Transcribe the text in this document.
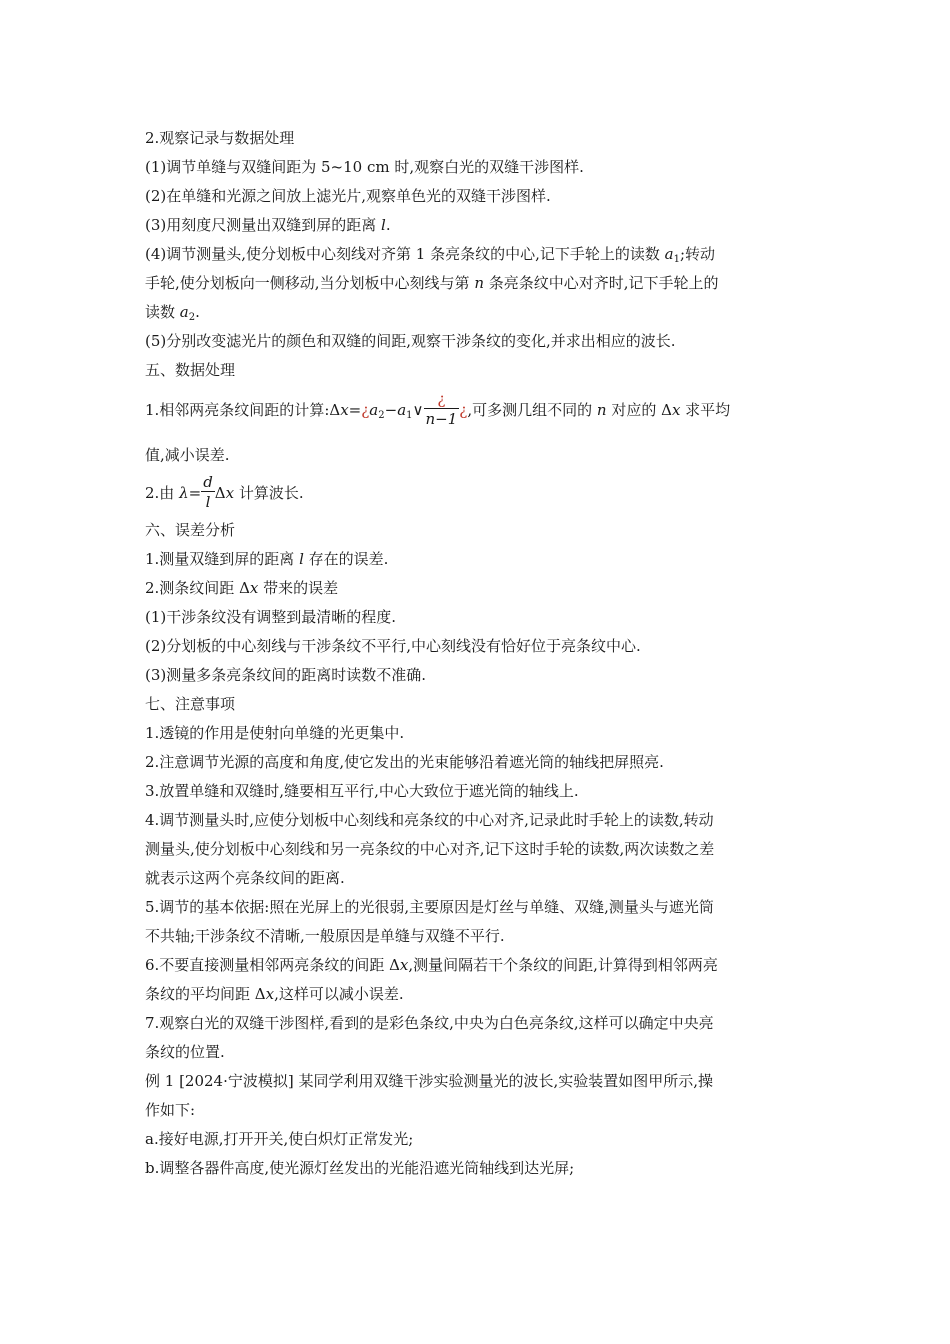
2.观察记录与数据处理
(1)调节单缝与双缝间距为 5~10 cm 时,观察白光的双缝干涉图样.
(2)在单缝和光源之间放上滤光片,观察单色光的双缝干涉图样.
(3)用刻度尺测量出双缝到屏的距离 l.
(4)调节测量头,使分划板中心刻线对齐第 1 条亮条纹的中心,记下手轮上的读数 $a_1$;转动
手轮,使分划板向一侧移动,当分划板中心刻线与第 n 条亮条纹中心对齐时,记下手轮上的
读数 $a_2$.
(5)分别改变滤光片的颜色和双缝的间距,观察干涉条纹的变化,并求出相应的波长.
五、数据处理
1.相邻两亮条纹间距的计算$:\Delta x=¿a_2-a_1\vee \frac{¿}{n-1}$ ¿,可多测几组不同的 n 对应的 Δx 求平均
值,减小误差.
2.由 $\lambda= \frac{d}{l}$ Δx 计算波长.
六、误差分析
1.测量双缝到屏的距离 l 存在的误差.
2.测条纹间距 Δx 带来的误差
(1)干涉条纹没有调整到最清晰的程度.
(2)分划板的中心刻线与干涉条纹不平行,中心刻线没有恰好位于亮条纹中心.
(3)测量多条亮条纹间的距离时读数不准确.
七、注意事项
1.透镜的作用是使射向单缝的光更集中.
2.注意调节光源的高度和角度,使它发出的光束能够沿着遮光筒的轴线把屏照亮.
3.放置单缝和双缝时,缝要相互平行,中心大致位于遮光筒的轴线上.
4.调节测量头时,应使分划板中心刻线和亮条纹的中心对齐,记录此时手轮上的读数,转动
测量头,使分划板中心刻线和另一亮条纹的中心对齐,记下这时手轮的读数,两次读数之差
就表示这两个亮条纹间的距离.
5.调节的基本依据:照在光屏上的光很弱,主要原因是灯丝与单缝、双缝,测量头与遮光筒
不共轴;干涉条纹不清晰,一般原因是单缝与双缝不平行.
6.不要直接测量相邻两亮条纹的间距 Δx,测量间隔若干个条纹的间距,计算得到相邻两亮
条纹的平均间距 Δx,这样可以减小误差.
7.观察白光的双缝干涉图样,看到的是彩色条纹,中央为白色亮条纹,这样可以确定中央亮
条纹的位置.
例 1 [2024·宁波模拟] 某同学利用双缝干涉实验测量光的波长,实验装置如图甲所示,操
作如下:
a.接好电源,打开开关,使白炽灯正常发光;
b.调整各器件高度,使光源灯丝发出的光能沿遮光筒轴线到达光屏;
